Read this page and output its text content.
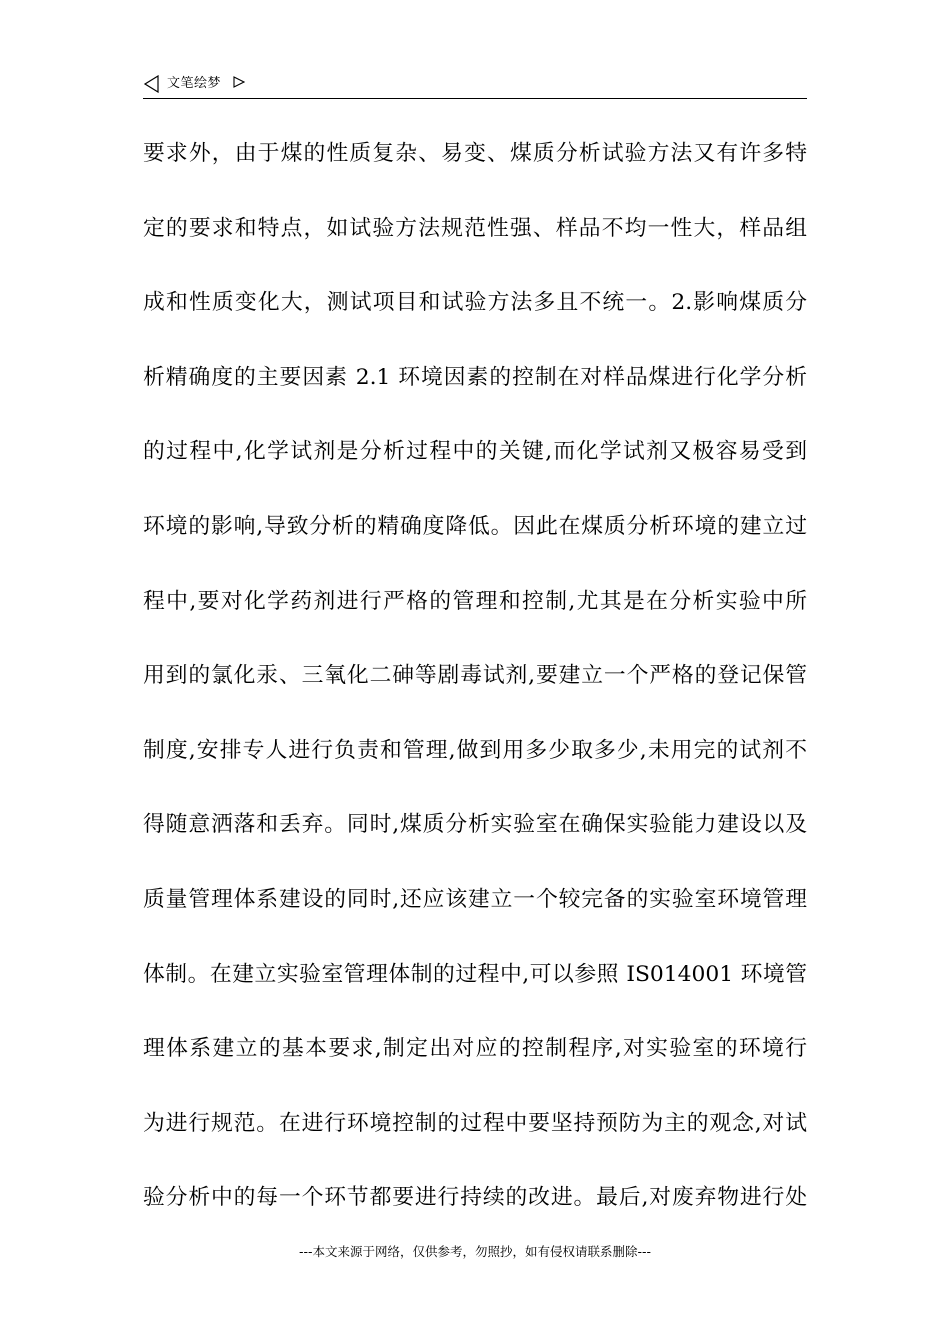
文笔绘梦
要求外，由于煤的性质复杂、易变、煤质分析试验方法又有许多特
定的要求和特点，如试验方法规范性强、样品不均一性大，样品组
成和性质变化大，测试项目和试验方法多且不统一。2.影响煤质分
析精确度的主要因素 2.1 环境因素的控制在对样品煤进行化学分析
的过程中,化学试剂是分析过程中的关键,而化学试剂又极容易受到
环境的影响,导致分析的精确度降低。因此在煤质分析环境的建立过
程中,要对化学药剂进行严格的管理和控制,尤其是在分析实验中所
用到的氯化汞、三氧化二砷等剧毒试剂,要建立一个严格的登记保管
制度,安排专人进行负责和管理,做到用多少取多少,未用完的试剂不
得随意洒落和丢弃。同时,煤质分析实验室在确保实验能力建设以及
质量管理体系建设的同时,还应该建立一个较完备的实验室环境管理
体制。在建立实验室管理体制的过程中,可以参照 IS014001 环境管
理体系建立的基本要求,制定出对应的控制程序,对实验室的环境行
为进行规范。在进行环境控制的过程中要坚持预防为主的观念,对试
验分析中的每一个环节都要进行持续的改进。最后,对废弃物进行处
---本文来源于网络，仅供参考，勿照抄，如有侵权请联系删除---
